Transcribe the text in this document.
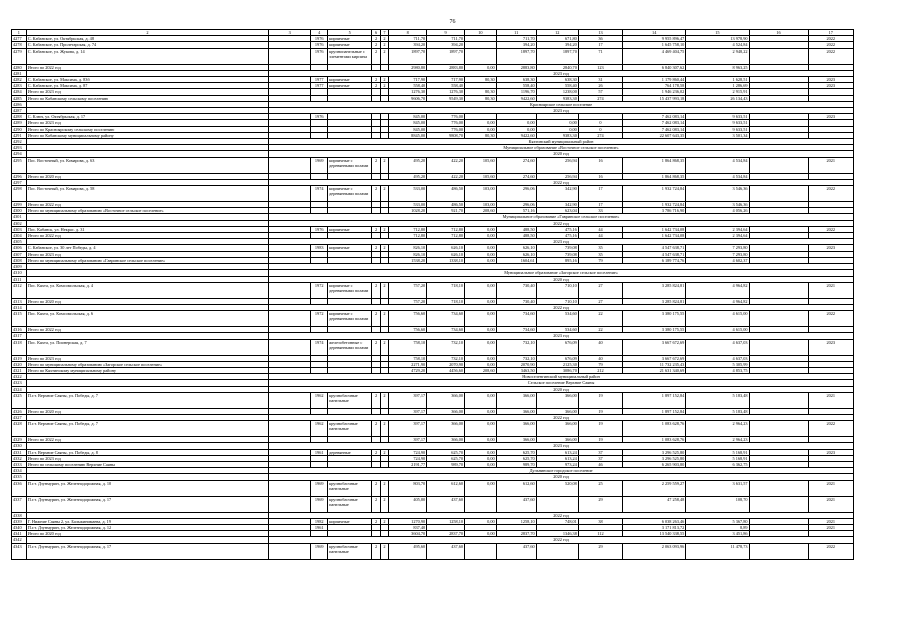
76
1	2	3	4	5	6	7	8	9	10	11	12	13	14	15	16	17
4277	С. Кабанское, ул. Октябрьская, д. 48		1976	кирпичные	2	2	711,70	711,70		711,70	671,80	36	9 955 896,47	13 978,90		2022
4278	С. Кабанское, ул. Пролетарская, д. 74		1976	кирпичные	2	2	394,20	394,20		394,20	394,20	17	1 645 758,10	4 524,84		2022
4279	С. Кабанское, ул. Жукова, д. 14		1976	крупнопанельные с элементами кирпича	2	2	1897,70	1897,70		1897,70	1897,70	71	4 469 404,75	2 948,22		2022
4280	Итого по 2022 год						2980,80	2883,80	0,00	2883,80	2840,70	123	6 840 307,62	8 963,25		
4281		2023 год														
4282	С. Кабанское, ул. Максима, д. 83б		1977	кирпичные	2	2	717,90	717,90	80,30	638,30	638,30	31	1 179 860,44	1 628,51		2023
4283	С. Кабанское, ул. Максима, д. 87		1977	кирпичные	2	2	558,40	558,40		558,40	558,40	26	764 178,58	1 286,69		2023
4284	Итого по 2023 год						1276,30	1276,30	80,30	1196,70	1238,00	57	1 946 236,02	2 915,91		
4285	Итого по Кабанскому сельскому поселению						9606,70	9549,30	80,30	9422,60	9383,30	274	15 437 993,18	26 134,43		
4286		Красноярское сельское поселение														
4287		2023 год														
4288	С. Ключ, ул. Октябрьская, д. 17		1976				845,00	776,00					7 462 083,14	9 633,51		2023
4289	Итого по 2023 год						845,00	776,00	0,00	0,00	0,00	0	7 462 083,14	9 633,51		
4290	Итого по Красноярскому сельскому поселению						845,00	776,00	0,00	0,00	0,00	0	7 462 083,14	9 633,51		
4291	Итого по Кабанскому муниципальному району						8845,00	9808,70	80,30	9422,60	9383,30	274	22 607 643,35	3 501,34		
4292		Кяхтинский муниципальный район														
4293		Муниципальное образование «Восточное сельское поселение»														
4294		2020 год														
4295	Пос. Восточный, ул. Комарова, д. 63		1969	кирпичные с деревянными полами	2	2	495,20	422,20	105,60	274,60	256,94	16	1 864 868,35	4 534,84		2021
4296	Итого по 2020 год						495,20	422,20	105,60	274,60	256,94	16	1 864 868,35	4 534,84		
4297		2022 год														
4298	Пос. Восточный, ул. Комарова, д. 58		1974	кирпичные с деревянными полами	2	2	533,00	486,50	103,00	296,06	342,90	17	1 932 724,84	3 546,36		2022
4299	Итого по 2022 год						533,00	486,50	103,00	296,06	342,90	17	1 932 724,84	3 546,36		
4300	Итого по муниципальному образованию «Восточное сельское поселение»						1028,20	921,70	208,60	571,16	623,04	33	3 786 716,90	4 056,26		
4301		Муниципальное образование «Гавринское сельское поселение»														
4302		2022 год														
4303	Пос. Кабанск, ул. Некрас. д. 31		1976	кирпичные	2	2	712,80	712,80	0,00	488,50	475,16	44	1 642 734,08	2 394,64		2022
4304	Итого по 2022 год						712,80	712,80	0,00	488,50	475,16	44	1 642 734,08	2 394,64		
4305		2023 год														
4306	С. Кабанское, ул. 30 лет Победы, д. 4		1983	кирпичные	2	2	826,10	626,10	0,00	626,10	739,08	35	4 547 638,71	7 293,80		2023
4307	Итого по 2023 год						826,10	626,10	0,00	626,10	739,08	35	4 547 638,71	7 293,80		
4308	Итого по муниципальному образованию «Гавринское сельское поселение»						1538,20	1338,10	0,00	1604,61	895,16	79	6 189 774,76	4 602,37		
4309																
4310		Муниципальное образование «Загорское сельское поселение»														
4311		2020 год														
4312	Пос. Кяхта, ул. Комсомольская, д. 4		1972	кирпичные с деревянными полами	2	2	757,20	718,10	0,00	730,40	710,10	27	3 285 824,81	4 964,82		2021
4313	Итого по 2020 год						757,20	718,10	0,00	730,40	710,10	27	3 285 824,81	4 964,82		
4314		2022 год														
4315	Пос. Кяхта, ул. Комсомольская, д. 6		1972	кирпичные с деревянными полами	2	2	756,60	734,60	0,00	734,60	534,60	22	3 380 175,55	4 615,00		2022
4316	Итого по 2022 год						756,60	734,60	0,00	734,60	534,60	22	3 380 175,55	4 615,00		
4317		2023 год														
4318	Пос. Кяхта, ул. Пионерская, д. 7		1974	железобетонные с деревянными полами	2	2	758,10	732,10	0,00	732,10	676,09	40	3 667 672,69	4 637,03		2023
4319	Итого по 2023 год						758,10	732,10	0,00	732,10	676,09	40	3 667 672,69	4 637,03		
4320	Итого по муниципальному образованию «Загорское сельское поселение»						2271,90	2070,90	0,00	2070,90	2125,30	79	11 732 235,43	5 305,99		
4321	Итого по Кяхтинскому муниципальному району						4729,20	4456,60	208,60	3463,50	3086,70	212	21 631 340,69	4 853,75		
4322		Новоселенгинский муниципальный район														
4323		Сельское поселение Верхние Саяны														
4324		2020 год														
4325	П.г.т. Верхние Саяны, ул. Победы, д. 7		1962	крупноблочные панельные	2	2	397,17	366,00	0,00	366,00	366,00	19	1 897 152,84	5 183,48		2021
4326	Итого по 2020 год						397,17	366,00	0,00	366,00	366,00	19	1 897 152,84	5 183,48		
4327		2022 год														
4328	П.г.т. Верхние Саяны, ул. Победы, д. 7		1962	крупноблочные панельные	2	2	397,17	366,00	0,00	366,00	366,00	19	1 083 628,76	2 964,23		2022
4329	Итого по 2022 год						397,17	366,00	0,00	366,00	366,00	19	1 083 628,76	2 964,23		
4330		2023 год														
4331	П.г.т. Верхние Саяны, ул. Победы, д. 8		1961	деревянные	2	2	724,90	625,70	0,00	625,70	613,24	37	3 296 525,80	5 168,91		2023
4332	Итого по 2023 год						724,90	625,70	0,00	625,70	613,24	37	3 296 525,80	5 168,91		
4333	Итого по сельскому поселению Верхние Саяны						2191,77	989,70	0,00	989,70	973,24	46	6 265 903,80	6 362,75		
4334		Дульнинское городское поселение														
4335		2020 год														
4336	П.г.т. Дзунмурин, ул. Железнодорожная, д. 10		1969	крупноблочные панельные	2	2	803,70	612,60	0,00	612,60	520,08	25	2 259 559,27	3 631,57		2021
4337	П.г.т. Дзунмурин, ул. Железнодорожная, д. 17		1969	крупноблочные панельные	2	2	405,80	437,60		437,60		29	47 258,48	108,70		2021
4338		2022 год														
4339	Г. Нижние Саяны 2, ул. Бальжинимаева, д. 19		1982	кирпичные	2	2	1270,90	1258,10	0,00	1258,10	748,01	38	6 038 263,46	5 367,80		2021
4340	П.г.т. Дзунмурин, ул. Железнодорожная, д. 12		1961				837,40						3 171 813,72	8,89		2021
4341	Итого по 2020 год						3604,70	2837,70	0,00	2837,70	1346,38	112	13 540 338,55	3 451,86		
4342		2022 год														
4343	П.г.т. Дзунмурин, ул. Железнодорожная, д. 17		1969	крупноблочные панельные	2	2	495,60	437,60		437,60		29	2 063 093,96	11 478,73		2022
